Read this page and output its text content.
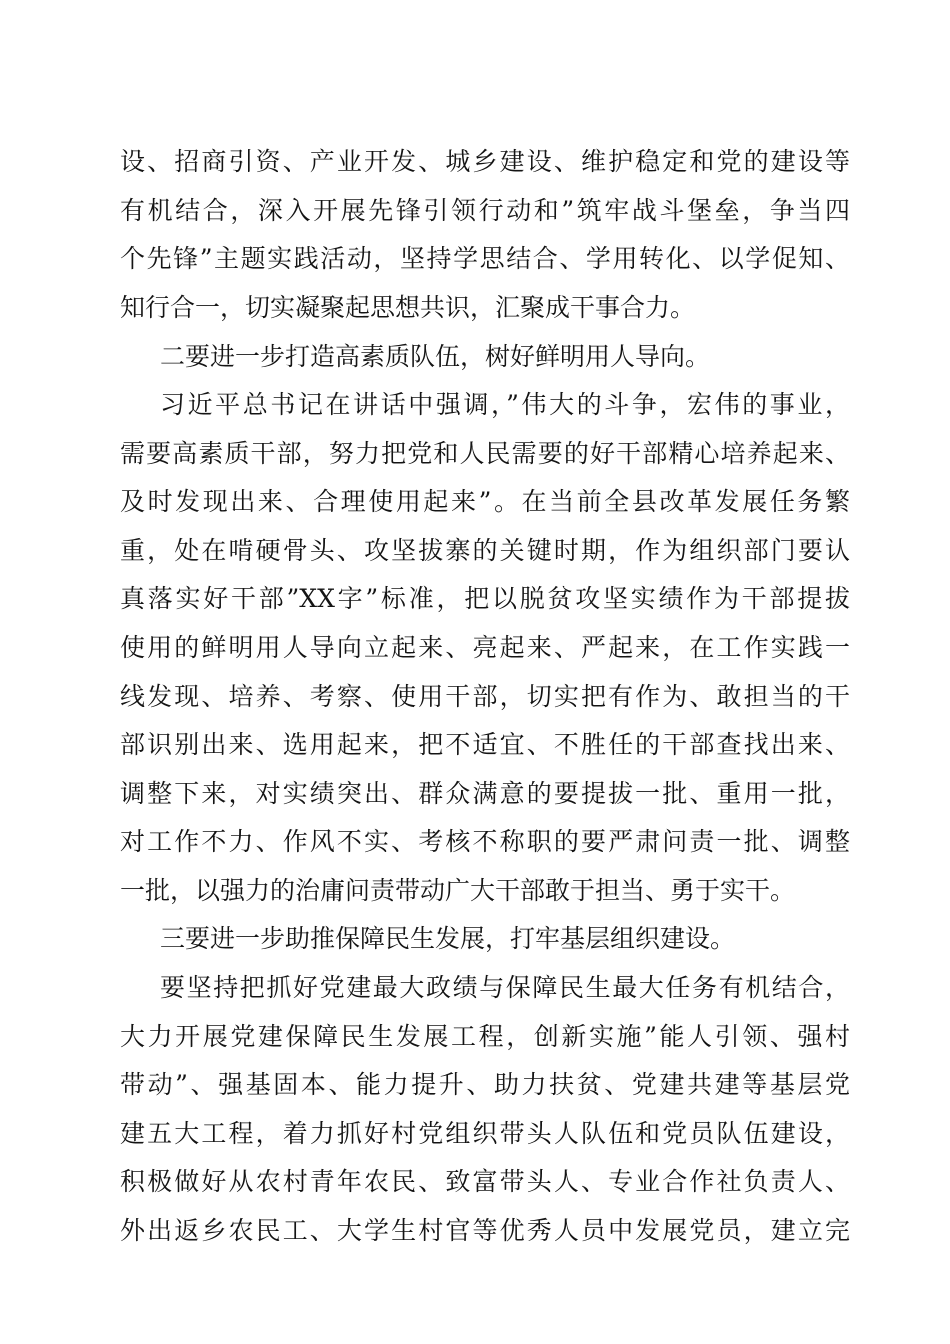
设、招商引资、产业开发、城乡建设、维护稳定和党的建设等
有机结合，深入开展先锋引领行动和”筑牢战斗堡垒，争当四
个先锋”主题实践活动，坚持学思结合、学用转化、以学促知、
知行合一，切实凝聚起思想共识，汇聚成干事合力。
二要进一步打造高素质队伍，树好鲜明用人导向。
习近平总书记在讲话中强调，”伟大的斗争，宏伟的事业，
需要高素质干部，努力把党和人民需要的好干部精心培养起来、
及时发现出来、合理使用起来”。在当前全县改革发展任务繁
重，处在啃硬骨头、攻坚拔寨的关键时期，作为组织部门要认
真落实好干部”XX字”标准，把以脱贫攻坚实绩作为干部提拔
使用的鲜明用人导向立起来、亮起来、严起来，在工作实践一
线发现、培养、考察、使用干部，切实把有作为、敢担当的干
部识别出来、选用起来，把不适宜、不胜任的干部查找出来、
调整下来，对实绩突出、群众满意的要提拔一批、重用一批，
对工作不力、作风不实、考核不称职的要严肃问责一批、调整
一批，以强力的治庸问责带动广大干部敢于担当、勇于实干。
三要进一步助推保障民生发展，打牢基层组织建设。
要坚持把抓好党建最大政绩与保障民生最大任务有机结合，
大力开展党建保障民生发展工程，创新实施”能人引领、强村
带动”、强基固本、能力提升、助力扶贫、党建共建等基层党
建五大工程，着力抓好村党组织带头人队伍和党员队伍建设，
积极做好从农村青年农民、致富带头人、专业合作社负责人、
外出返乡农民工、大学生村官等优秀人员中发展党员，建立完
